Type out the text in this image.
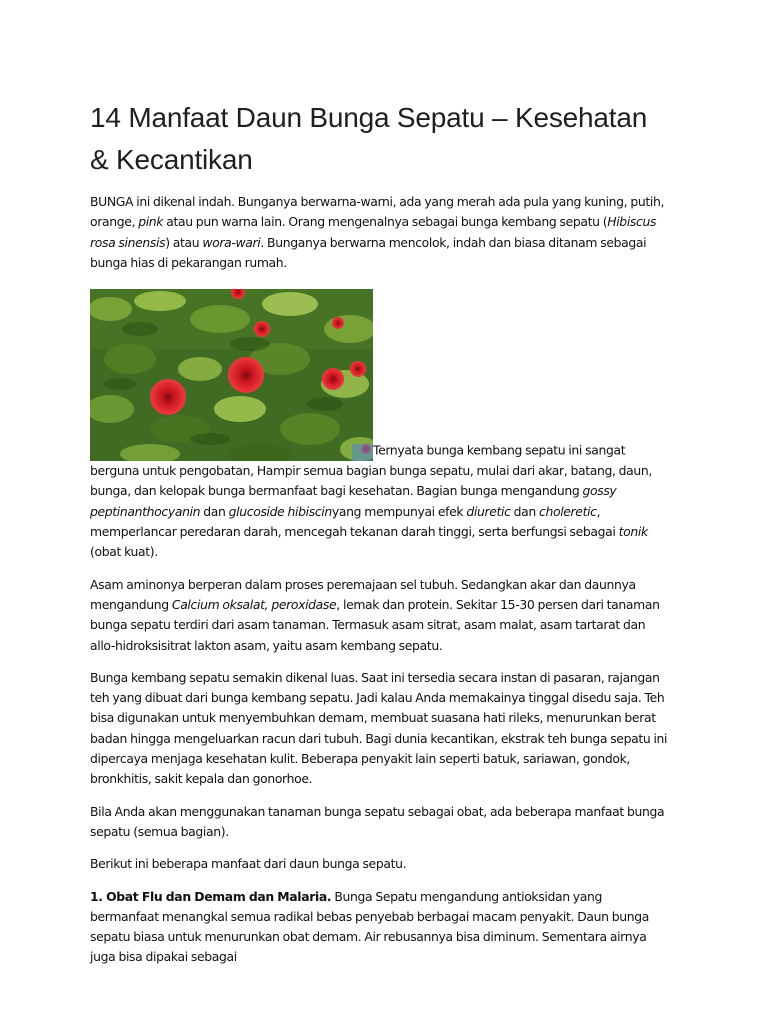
14 Manfaat Daun Bunga Sepatu – Kesehatan & Kecantikan

BUNGA ini dikenal indah. Bunganya berwarna-warni, ada yang merah ada pula yang kuning, putih, orange, pink atau pun warna lain. Orang mengenalnya sebagai bunga kembang sepatu (Hibiscus rosa sinensis) atau wora-wari. Bunganya berwarna mencolok, indah dan biasa ditanam sebagai bunga hias di pekarangan rumah.

Ternyata bunga kembang sepatu ini sangat berguna untuk pengobatan, Hampir semua bagian bunga sepatu, mulai dari akar, batang, daun, bunga, dan kelopak bunga bermanfaat bagi kesehatan. Bagian bunga mengandung gossy peptinanthocyanin dan glucoside hibiscinyang mempunyai efek diuretic dan choleretic, memperlancar peredaran darah, mencegah tekanan darah tinggi, serta berfungsi sebagai tonik (obat kuat).

Asam aminonya berperan dalam proses peremajaan sel tubuh. Sedangkan akar dan daunnya mengandung Calcium oksalat, peroxidase, lemak dan protein. Sekitar 15-30 persen dari tanaman bunga sepatu terdiri dari asam tanaman. Termasuk asam sitrat, asam malat, asam tartarat dan allo-hidroksisitrat lakton asam, yaitu asam kembang sepatu.

Bunga kembang sepatu semakin dikenal luas. Saat ini tersedia secara instan di pasaran, rajangan teh yang dibuat dari bunga kembang sepatu. Jadi kalau Anda memakainya tinggal disedu saja. Teh bisa digunakan untuk menyembuhkan demam, membuat suasana hati rileks, menurunkan berat badan hingga mengeluarkan racun dari tubuh. Bagi dunia kecantikan, ekstrak teh bunga sepatu ini dipercaya menjaga kesehatan kulit. Beberapa penyakit lain seperti batuk, sariawan, gondok, bronkhitis, sakit kepala dan gonorhoe.

Bila Anda akan menggunakan tanaman bunga sepatu sebagai obat, ada beberapa manfaat bunga sepatu (semua bagian).

Berikut ini beberapa manfaat dari daun bunga sepatu.

1. Obat Flu dan Demam dan Malaria. Bunga Sepatu mengandung antioksidan yang bermanfaat menangkal semua radikal bebas penyebab berbagai macam penyakit. Daun bunga sepatu biasa untuk menurunkan obat demam. Air rebusannya bisa diminum. Sementara airnya juga bisa dipakai sebagai
